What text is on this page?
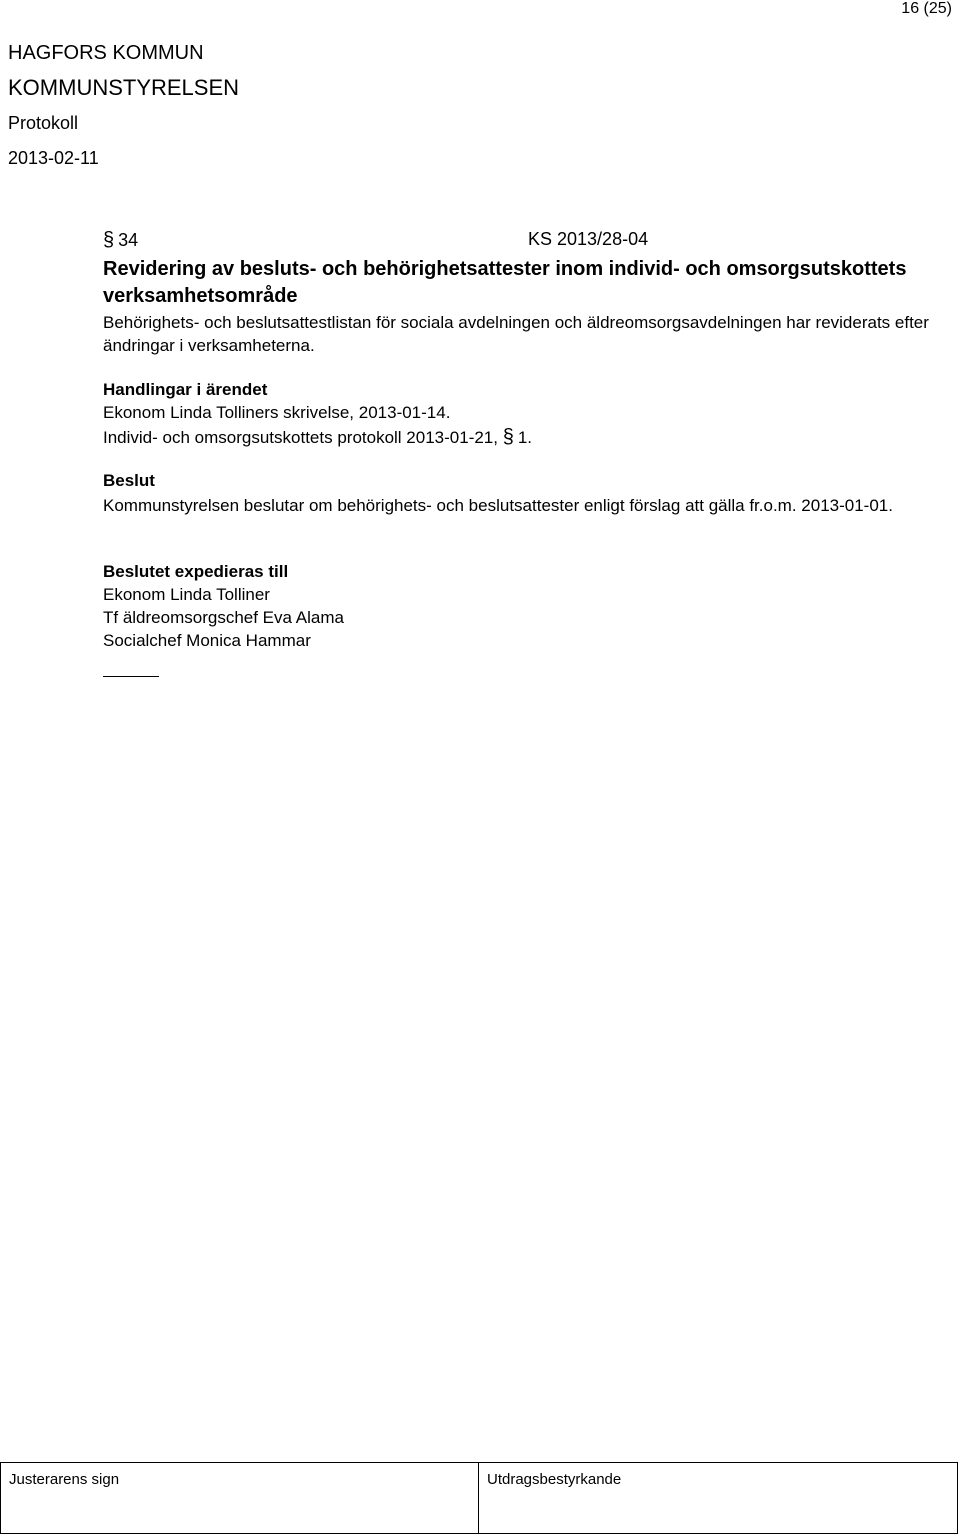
16 (25)
HAGFORS KOMMUN
KOMMUNSTYRELSEN
Protokoll
2013-02-11
§ 34	KS 2013/28-04
Revidering av besluts- och behörighetsattester inom individ- och omsorgsutskottets verksamhetsområde
Behörighets- och beslutsattestlistan för sociala avdelningen och äldreomsorgsavdelningen har reviderats efter ändringar i verksamheterna.
Handlingar i ärendet
Ekonom Linda Tolliners skrivelse, 2013-01-14.
Individ- och omsorgsutskottets protokoll 2013-01-21, § 1.
Beslut
Kommunstyrelsen beslutar om behörighets- och beslutsattester enligt förslag att gälla fr.o.m. 2013-01-01.
Beslutet expedieras till
Ekonom Linda Tolliner
Tf äldreomsorgschef Eva Alama
Socialchef Monica Hammar
Justerarens sign	Utdragsbestyrkande
